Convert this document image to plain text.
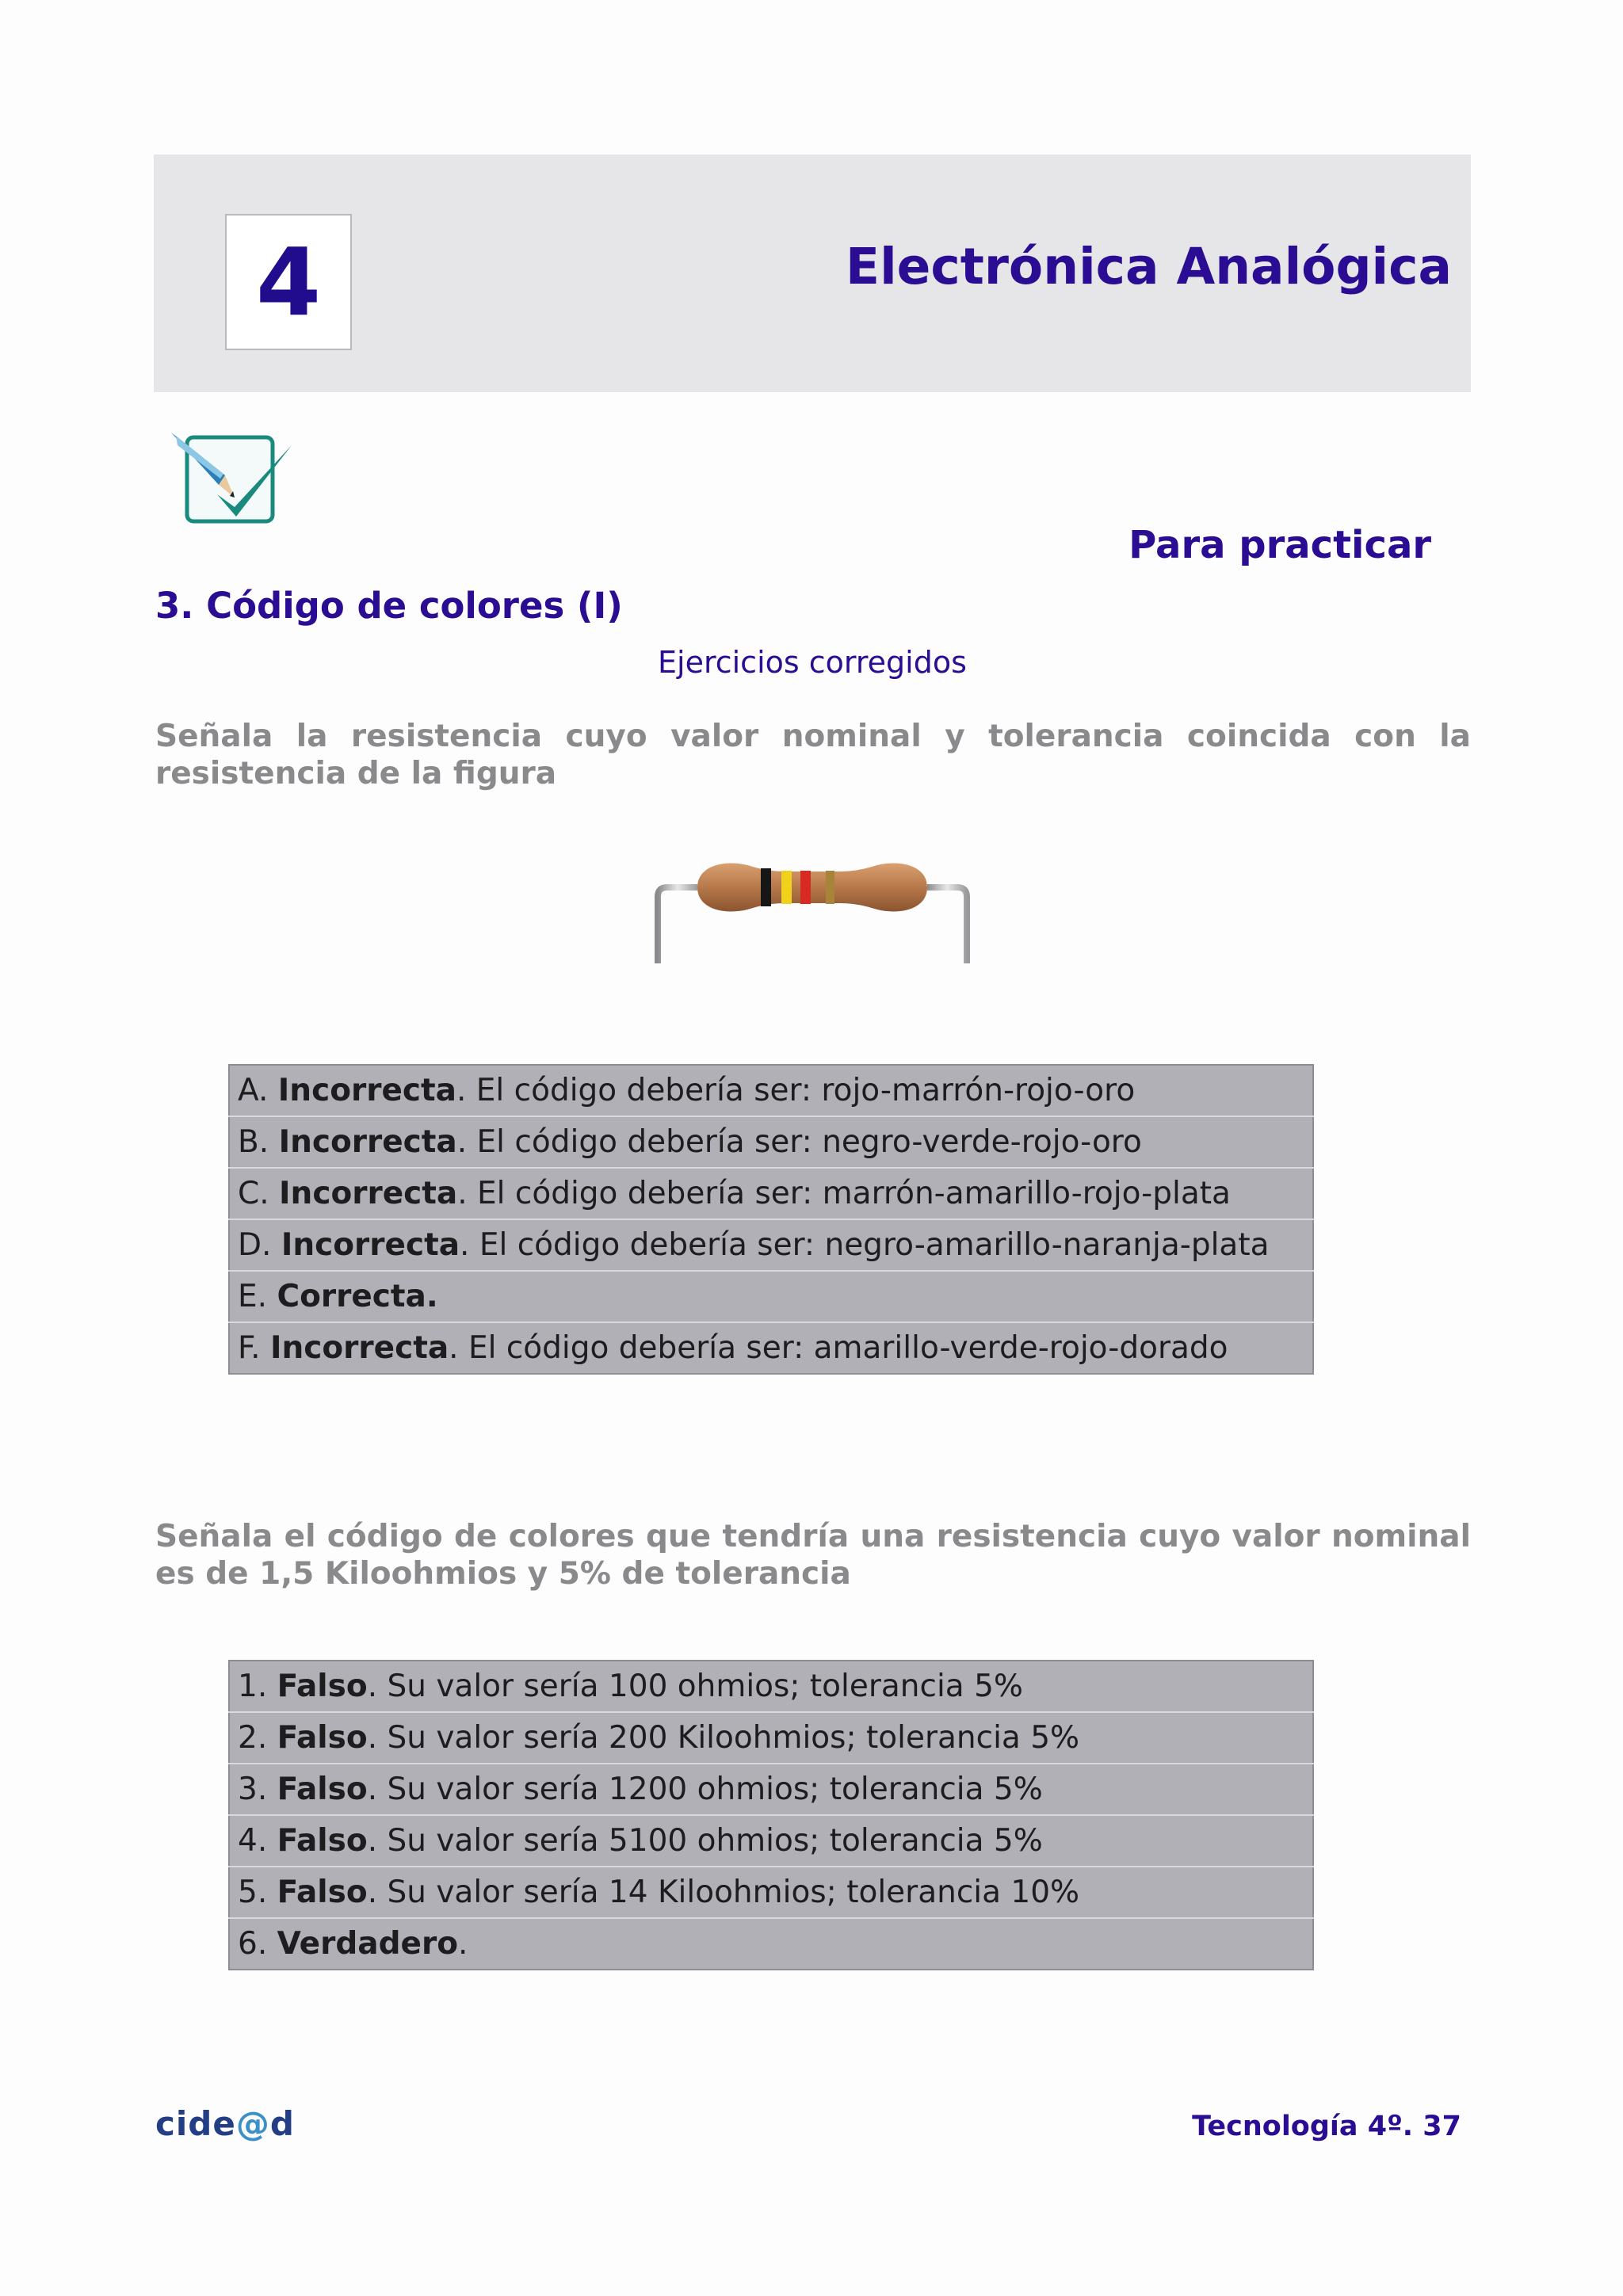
4	Electrónica Analógica
Para practicar
3. Código de colores (I)
Ejercicios corregidos
Señala la resistencia cuyo valor nominal y tolerancia coincida con la
resistencia de la figura
A. Incorrecta. El código debería ser: rojo-marrón-rojo-oro
B. Incorrecta. El código debería ser: negro-verde-rojo-oro
C. Incorrecta. El código debería ser: marrón-amarillo-rojo-plata
D. Incorrecta. El código debería ser: negro-amarillo-naranja-plata
E. Correcta.
F. Incorrecta. El código debería ser: amarillo-verde-rojo-dorado
Señala el código de colores que tendría una resistencia cuyo valor nominal es de 1,5 Kiloohmios y 5% de tolerancia
1. Falso. Su valor sería 100 ohmios; tolerancia 5%
2. Falso. Su valor sería 200 Kiloohmios; tolerancia 5%
3. Falso. Su valor sería 1200 ohmios; tolerancia 5%
4. Falso. Su valor sería 5100 ohmios; tolerancia 5%
5. Falso. Su valor sería 14 Kiloohmios; tolerancia 10%
6. Verdadero.
cide@d	Tecnología 4º. 37
